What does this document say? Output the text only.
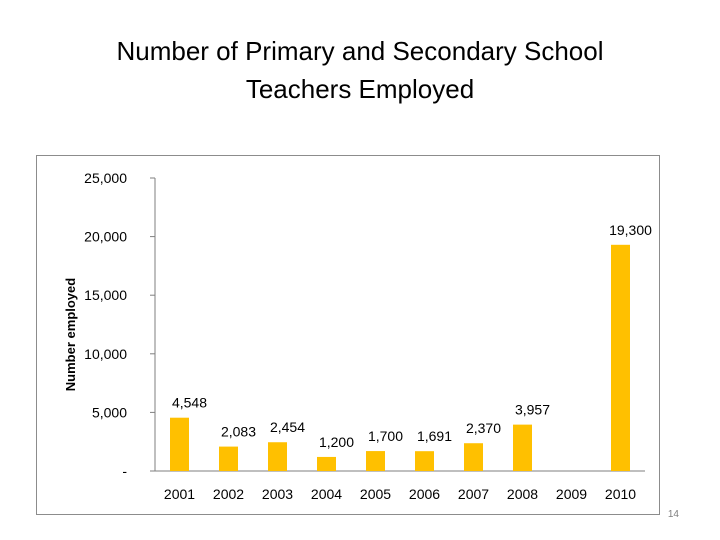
Number of Primary and Secondary School
Teachers Employed
-
5,000
10,000
15,000
20,000
25,000
Number employed
2001
4,548
2002
2,083
2003
2,454
2004
1,200
2005
1,700
2006
1,691
2007
2,370
2008
3,957
2009 2010
19,300
14
